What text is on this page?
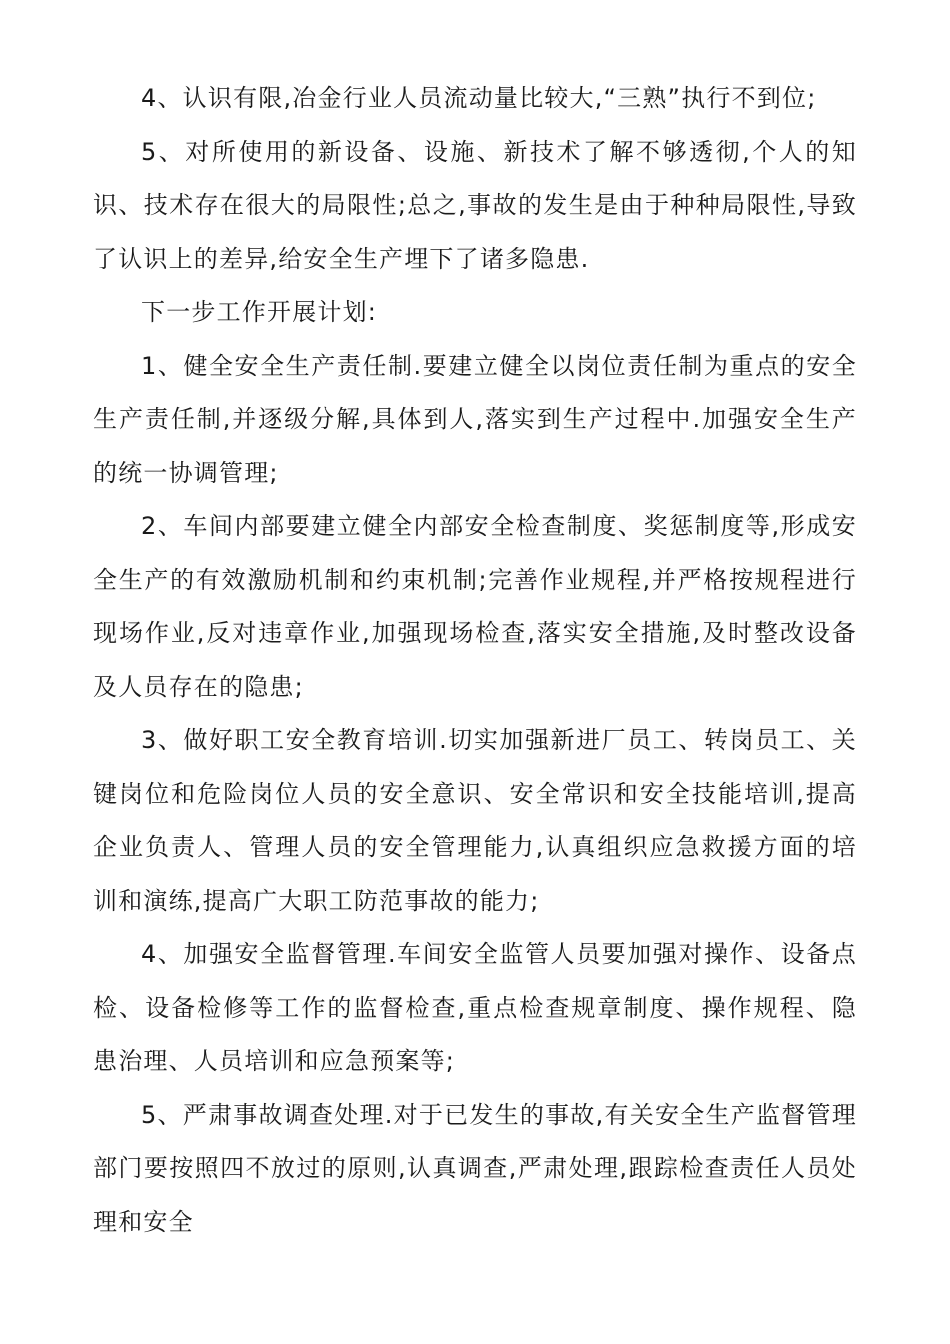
4、认识有限,冶金行业人员流动量比较大,“三熟”执行不到位;

5、对所使用的新设备、设施、新技术了解不够透彻,个人的知识、技术存在很大的局限性;总之,事故的发生是由于种种局限性,导致了认识上的差异,给安全生产埋下了诸多隐患.

下一步工作开展计划:

1、健全安全生产责任制.要建立健全以岗位责任制为重点的安全生产责任制,并逐级分解,具体到人,落实到生产过程中.加强安全生产的统一协调管理;

2、车间内部要建立健全内部安全检查制度、奖惩制度等,形成安全生产的有效激励机制和约束机制;完善作业规程,并严格按规程进行现场作业,反对违章作业,加强现场检查,落实安全措施,及时整改设备及人员存在的隐患;

3、做好职工安全教育培训.切实加强新进厂员工、转岗员工、关键岗位和危险岗位人员的安全意识、安全常识和安全技能培训,提高企业负责人、管理人员的安全管理能力,认真组织应急救援方面的培训和演练,提高广大职工防范事故的能力;

4、加强安全监督管理.车间安全监管人员要加强对操作、设备点检、设备检修等工作的监督检查,重点检查规章制度、操作规程、隐患治理、人员培训和应急预案等;

5、严肃事故调查处理.对于已发生的事故,有关安全生产监督管理部门要按照四不放过的原则,认真调查,严肃处理,跟踪检查责任人员处理和安全
